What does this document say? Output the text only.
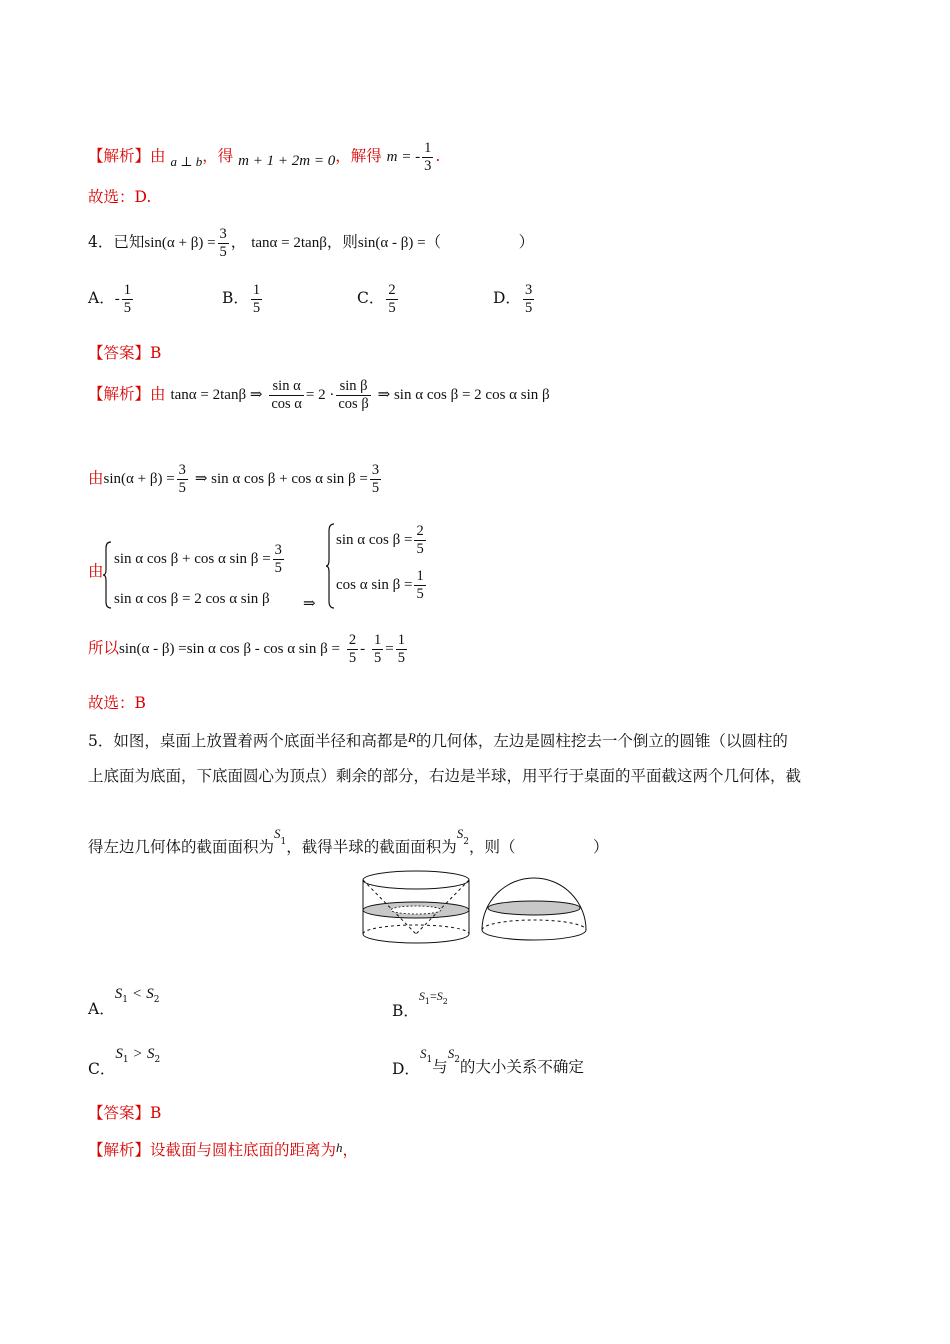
【解析】由 $_{a \perp b}$，得 m + 1 + 2m = 0，解得 m = - $\frac{1}{3}$ .
故选：D.
4．已知$\sin(\alpha + \beta) = \frac{3}{5}$ ， tanα = 2tanβ，则sin(α - β) =（　　　　　）
A．- $\frac{1}{5}$	B． $\frac{1}{5}$	C． $\frac{2}{5}$	D． $\frac{3}{5}$
【答案】B
【解析】由 tanα = 2tanβ ⇒ $\frac{\text{sin α}}{\text{cos α}} = 2 \cdot \frac{\text{sin β}}{\text{cos β}}$ ⇒ sin α cos β = 2 cos α sin β
由$\sin(\alpha + \beta) = \frac{3}{5}$ ⇒ sin α cos β + cos α $\sin \beta = \frac{3}{5}$
由
sin α cos β + cos α $\sin \beta = \frac{3}{5}$
sin α cos β = 2 cos α sin β ⇒
sin α $\cos \beta = \frac{2}{5}$
cos α $\sin \beta = \frac{1}{5}$
所以sin(α - β) =sin α cos β - cos α $\sin \beta = \frac{2}{5} - \frac{1}{5} = \frac{1}{5}$
故选：B
5．如图，桌面上放置着两个底面半径和高都是$^R$的几何体，左边是圆柱挖去一个倒立的圆锥（以圆柱的
上底面为底面，下底面圆心为顶点）剩余的部分，右边是半球，用平行于桌面的平面截这两个几何体，截
得左边几何体的截面面积为$^S_1$，截得半球的截面面积为$^S_2$，则（　　　　　）
A．$S_1 < S_2$
B．$S_1=S_2$
C．$S_1 > S_2$	D．$S_1$与$S_2$的大小关系不确定
【答案】B
【解析】设截面与圆柱底面的距离为h，
